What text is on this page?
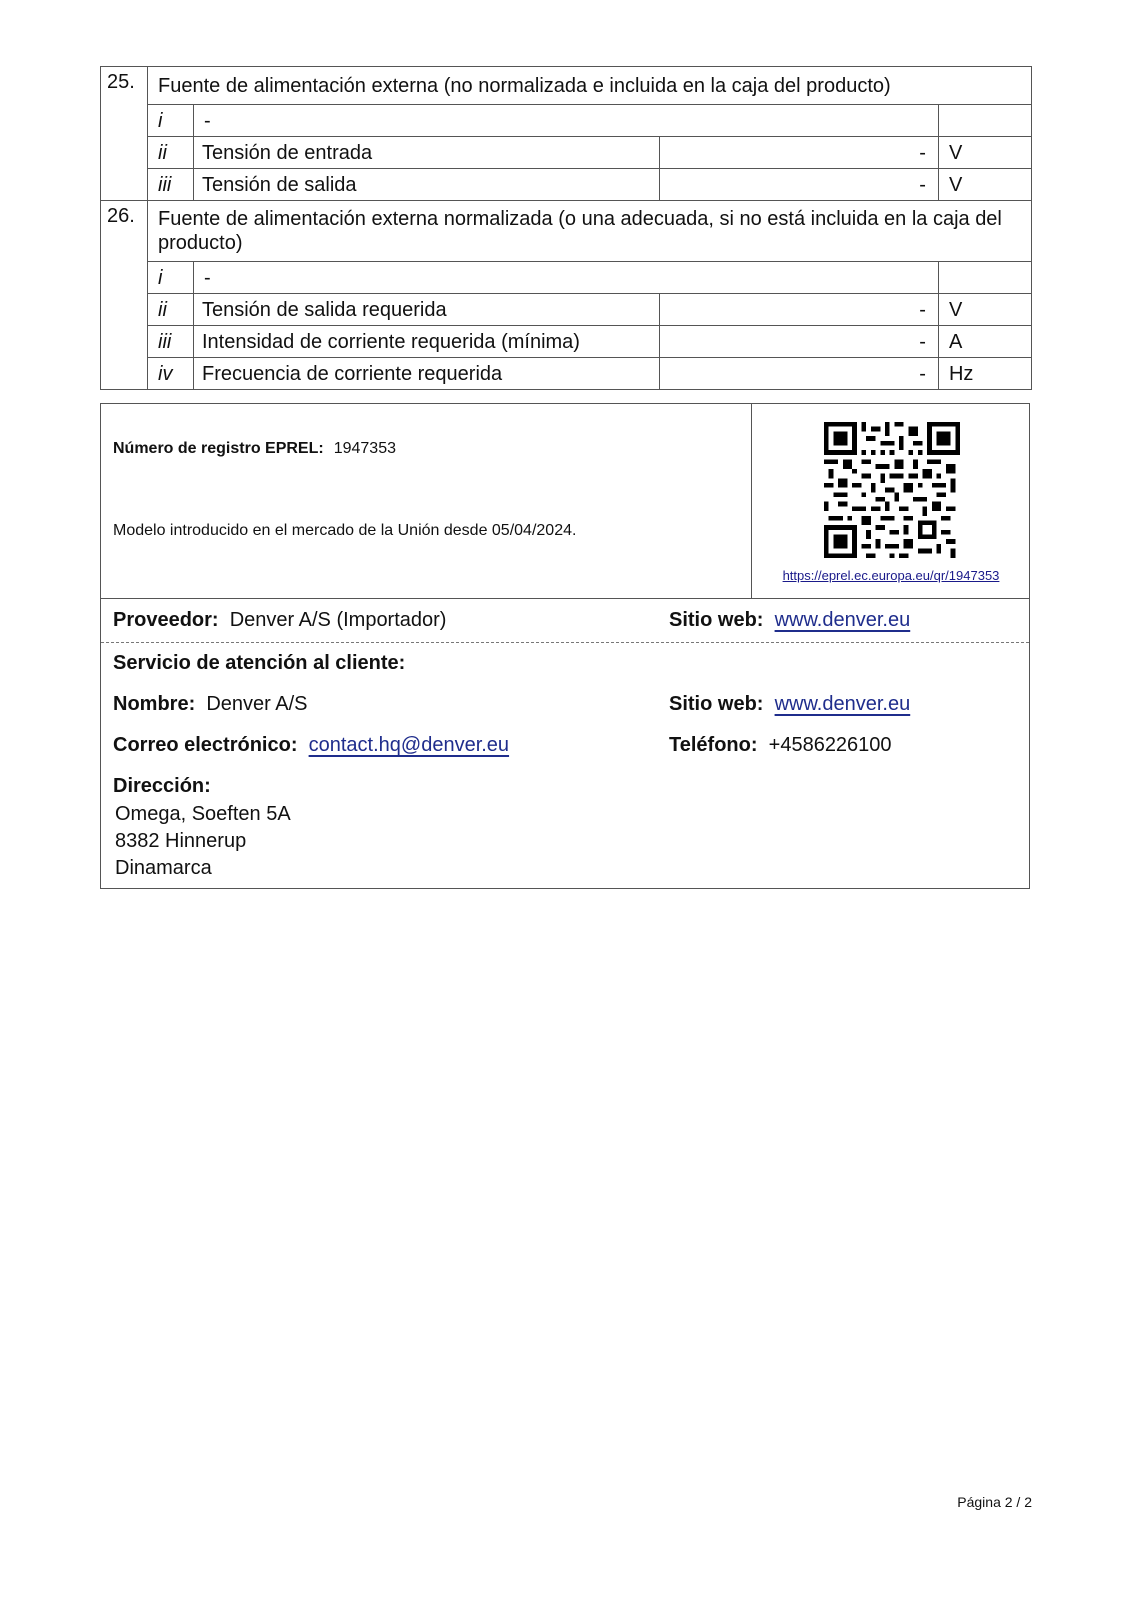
25.	Fuente de alimentación externa (no normalizada e incluida en la caja del producto)			
	i	-		
	ii	Tensión de entrada	-	V
	iii	Tensión de salida	-	V
26.	Fuente de alimentación externa normalizada (o una adecuada, si no está incluida en la caja del producto)			
	i	-		
	ii	Tensión de salida requerida	-	V
	iii	Intensidad de corriente requerida (mínima)	-	A
	iv	Frecuencia de corriente requerida	-	Hz
Número de registro EPREL: 1947353
Modelo introducido en el mercado de la Unión desde 05/04/2024.
https://eprel.ec.europa.eu/qr/1947353
Proveedor: Denver A/S (Importador)	Sitio web: www.denver.eu
Servicio de atención al cliente:
Nombre: Denver A/S	Sitio web: www.denver.eu
Correo electrónico: contact.hq@denver.eu	Teléfono: +4586226100
Dirección:
Omega, Soeften 5A
8382 Hinnerup
Dinamarca
Página 2 / 2
